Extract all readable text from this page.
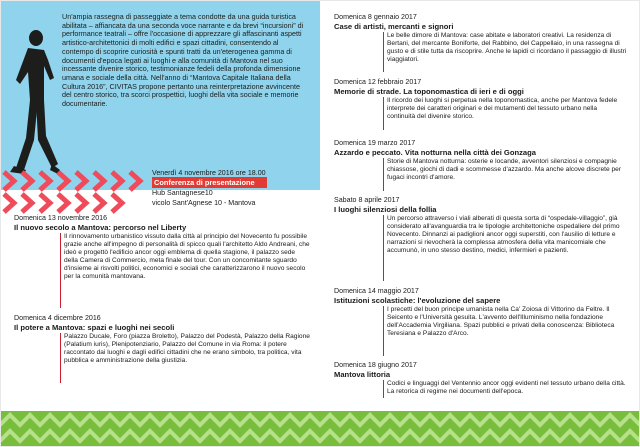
Un'ampia rassegna di passeggiate a tema condotte da una guida turistica abilitata – affiancata da una seconda voce narrante e da brevi “incursioni” di performance teatrali – offre l'occasione di apprezzare gli affascinanti aspetti artistico-architettonici di molti edifici e spazi cittadini, consentendo al contempo di scoprire curiosità e spunti tratti da un'eterogenea gamma di documenti d'epoca legati ai luoghi e alla comunità di Mantova nel suo incessante divenire storico, testimonianze fedeli della profonda dimensione umana e sociale della città. Nell'anno di “Mantova Capitale Italiana della Cultura 2016”, CIVITAS propone pertanto una reinterpretazione avvincente del centro storico, tra scorci prospettici, luoghi della vita sociale e memorie documentarie.
Venerdì 4 novembre 2016 ore 18.00
Conferenza di presentazione
Hub Santagnese10
vicolo Sant'Agnese 10 - Mantova
Domenica 13 novembre 2016
Il nuovo secolo a Mantova: percorso nel Liberty
Il rinnovamento urbanistico vissuto dalla città al principio del Novecento fu possibile grazie anche all'impegno di personalità di spicco quali l'architetto Aldo Andreani, che ideò e progettò l'edificio ancor oggi emblema di quella stagione, il palazzo sede della Camera di Commercio, meta finale del tour. Con un concomitante sguardo d'insieme ai risvolti politici, economici e sociali che caratterizzarono il nuovo secolo per la comunità mantovana.
Domenica 4 dicembre 2016
Il potere a Mantova: spazi e luoghi nei secoli
Palazzo Ducale, Foro (piazza Broletto), Palazzo del Podestà, Palazzo della Ragione (Palatium iuris), Plenipotenziario, Palazzo del Comune in via Roma: il potere raccontato dai luoghi e dagli edifici cittadini che ne erano simbolo, tra politica, vita pubblica e amministrazione della giustizia.
Domenica 8 gennaio 2017
Case di artisti, mercanti e signori
Le belle dimore di Mantova: case abitate e laboratori creativi. La residenza di Bertani, del mercante Boniforte, del Rabbino, del Cappellaio, in una rassegna di gusto e di stile tutta da riscoprire. Anche le lapidi ci ricordano il passaggio di illustri viaggiatori.
Domenica 12 febbraio 2017
Memorie di strade. La toponomastica di ieri e di oggi
Il ricordo dei luoghi si perpetua nella toponomastica, anche per Mantova fedele interprete dei caratteri originari e dei mutamenti del tessuto urbano nella continuità del divenire storico.
Domenica 19 marzo 2017
Azzardo e peccato. Vita notturna nella città dei Gonzaga
Storie di Mantova notturna: osterie e locande, avventori silenziosi e compagnie chiassose, giochi di dadi e scommesse d'azzardo. Ma anche alcove discrete per fugaci incontri d'amore.
Sabato 8 aprile 2017
I luoghi silenziosi della follia
Un percorso attraverso i viali alberati di questa sorta di “ospedale-villaggio”, già considerato all'avanguardia tra le tipologie architettoniche ospedaliere del primo Novecento. Dinnanzi ai padiglioni ancor oggi superstiti, con l'ausilio di letture e narrazioni si rievocherà la complessa atmosfera della vita manicomiale che accumunò, in uno stesso destino, medici, infermieri e pazienti.
Domenica 14 maggio 2017
Istituzioni scolastiche: l'evoluzione del sapere
I precetti del buon principe umanista nella Ca' Zoiosa di Vittorino da Feltre. Il Seicento e l'Università gesuita. L'avvento dell'Illuminismo nella fondazione dell'Accademia Virgiliana. Spazi pubblici e privati della conoscenza: Biblioteca Teresiana e Palazzo d'Arco.
Domenica 18 giugno 2017
Mantova littoria
Codici e linguaggi del Ventennio ancor oggi evidenti nel tessuto urbano della città. La retorica di regime nei documenti dell'epoca.
